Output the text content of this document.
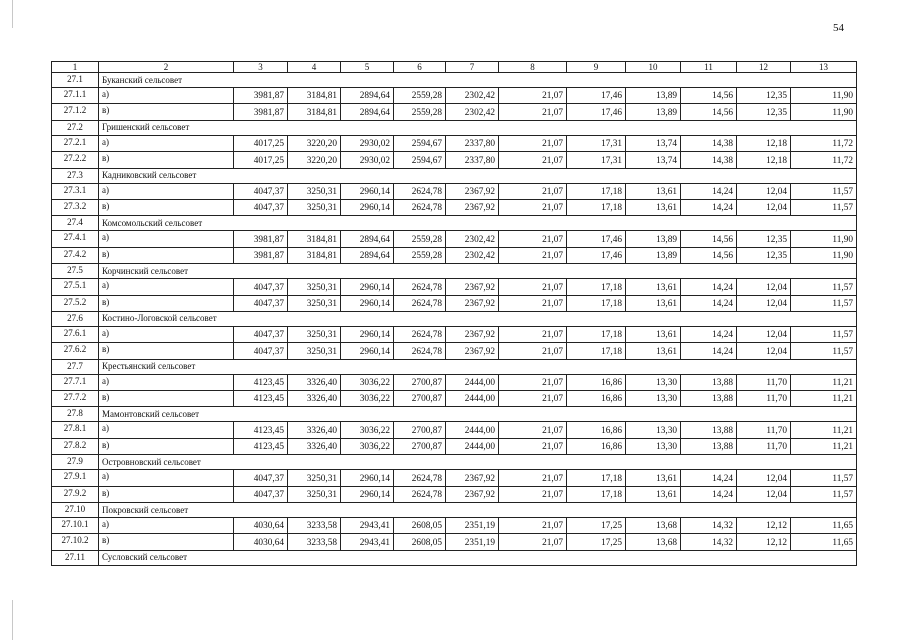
54
1	2	3	4	5	6	7	8	9	10	11	12	13
27.1	Буканский сельсовет											
27.1.1	а)	3981,87	3184,81	2894,64	2559,28	2302,42	21,07	17,46	13,89	14,56	12,35	11,90
27.1.2	в)	3981,87	3184,81	2894,64	2559,28	2302,42	21,07	17,46	13,89	14,56	12,35	11,90
27.2	Гришенский сельсовет											
27.2.1	а)	4017,25	3220,20	2930,02	2594,67	2337,80	21,07	17,31	13,74	14,38	12,18	11,72
27.2.2	в)	4017,25	3220,20	2930,02	2594,67	2337,80	21,07	17,31	13,74	14,38	12,18	11,72
27.3	Кадниковский сельсовет											
27.3.1	а)	4047,37	3250,31	2960,14	2624,78	2367,92	21,07	17,18	13,61	14,24	12,04	11,57
27.3.2	в)	4047,37	3250,31	2960,14	2624,78	2367,92	21,07	17,18	13,61	14,24	12,04	11,57
27.4	Комсомольский сельсовет											
27.4.1	а)	3981,87	3184,81	2894,64	2559,28	2302,42	21,07	17,46	13,89	14,56	12,35	11,90
27.4.2	в)	3981,87	3184,81	2894,64	2559,28	2302,42	21,07	17,46	13,89	14,56	12,35	11,90
27.5	Корчинский сельсовет											
27.5.1	а)	4047,37	3250,31	2960,14	2624,78	2367,92	21,07	17,18	13,61	14,24	12,04	11,57
27.5.2	в)	4047,37	3250,31	2960,14	2624,78	2367,92	21,07	17,18	13,61	14,24	12,04	11,57
27.6	Костино-Логовской сельсовет											
27.6.1	а)	4047,37	3250,31	2960,14	2624,78	2367,92	21,07	17,18	13,61	14,24	12,04	11,57
27.6.2	в)	4047,37	3250,31	2960,14	2624,78	2367,92	21,07	17,18	13,61	14,24	12,04	11,57
27.7	Крестьянский сельсовет											
27.7.1	а)	4123,45	3326,40	3036,22	2700,87	2444,00	21,07	16,86	13,30	13,88	11,70	11,21
27.7.2	в)	4123,45	3326,40	3036,22	2700,87	2444,00	21,07	16,86	13,30	13,88	11,70	11,21
27.8	Мамонтовский сельсовет											
27.8.1	а)	4123,45	3326,40	3036,22	2700,87	2444,00	21,07	16,86	13,30	13,88	11,70	11,21
27.8.2	в)	4123,45	3326,40	3036,22	2700,87	2444,00	21,07	16,86	13,30	13,88	11,70	11,21
27.9	Островновский сельсовет											
27.9.1	а)	4047,37	3250,31	2960,14	2624,78	2367,92	21,07	17,18	13,61	14,24	12,04	11,57
27.9.2	в)	4047,37	3250,31	2960,14	2624,78	2367,92	21,07	17,18	13,61	14,24	12,04	11,57
27.10	Покровский сельсовет											
27.10.1	а)	4030,64	3233,58	2943,41	2608,05	2351,19	21,07	17,25	13,68	14,32	12,12	11,65
27.10.2	в)	4030,64	3233,58	2943,41	2608,05	2351,19	21,07	17,25	13,68	14,32	12,12	11,65
27.11	Сусловский сельсовет											
